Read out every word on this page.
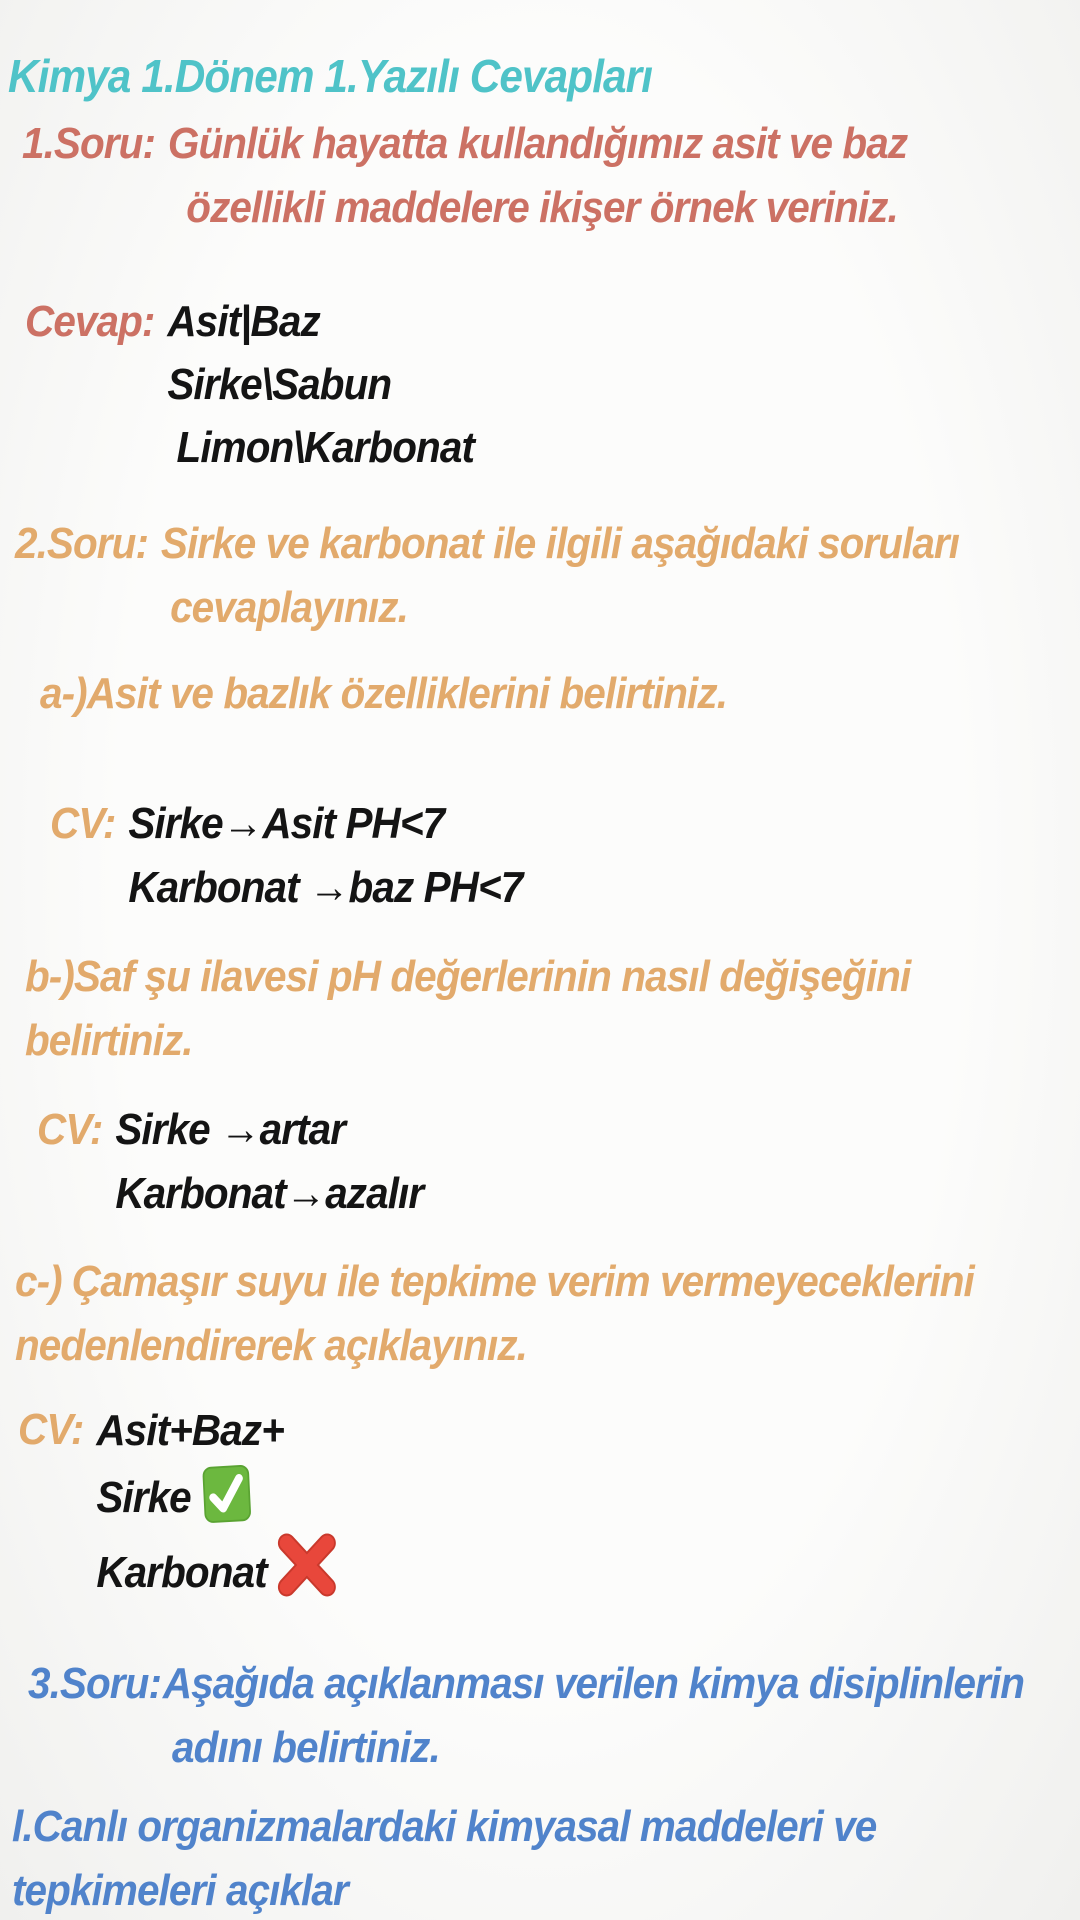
Kimya 1.Dönem 1.Yazılı Cevapları
1.Soru: Günlük hayatta kullandığımız asit ve baz
özellikli maddelere ikişer örnek veriniz.
Cevap: Asit|Baz
Sirke\Sabun
Limon\Karbonat
2.Soru: Sirke ve karbonat ile ilgili aşağıdaki soruları
cevaplayınız.
a-)Asit ve bazlık özelliklerini belirtiniz.
CV: Sirke→Asit PH<7
Karbonat →baz PH<7
b-)Saf şu ilavesi pH değerlerinin nasıl değişeğini
belirtiniz.
CV: Sirke →artar
Karbonat→azalır
c-) Çamaşır suyu ile tepkime verim vermeyeceklerini
nedenlendirerek açıklayınız.
CV: Asit+Baz+
Sirke
Karbonat
3.Soru: Aşağıda açıklanması verilen kimya disiplinlerin
adını belirtiniz.
l.Canlı organizmalardaki kimyasal maddeleri ve
tepkimeleri açıklar
